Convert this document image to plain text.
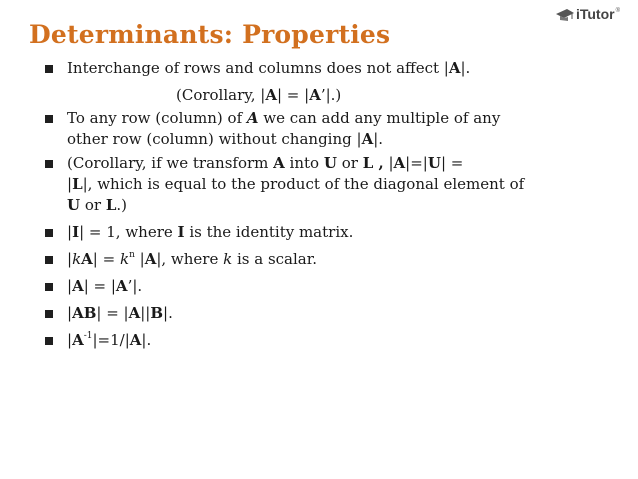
iTutor ®
Determinants: Properties
Interchange of rows and columns does not affect |A|.
(Corollary, |A| = |A’|.)
To any row (column) of A we can add any multiple of any
other row (column) without changing |A|.
(Corollary, if we transform A into U or L , |A|=|U| =
|L|, which is equal to the product of the diagonal element of
U or L.)
|I| = 1, where I is the identity matrix.
$|kA| = k^n$ |A|, where k is a scalar.
|A| = |A’|.
|AB| = |A||B|.
$|A^{-1}|=1/|A|$.
